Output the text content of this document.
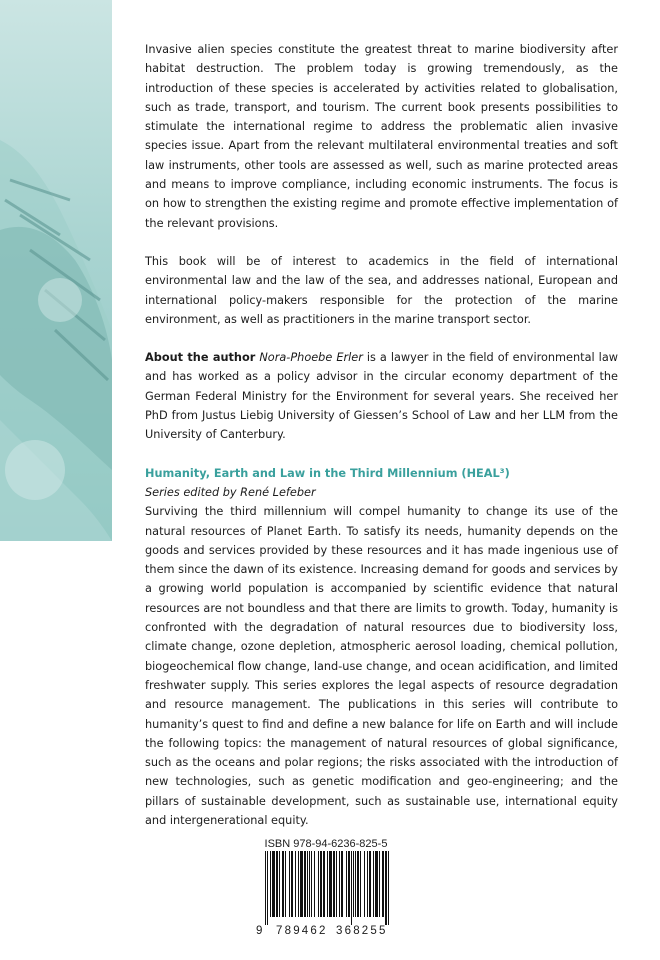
Invasive alien species constitute the greatest threat to marine biodiversity after habitat destruction. The problem today is growing tremendously, as the introduction of these species is accelerated by activities related to globalisation, such as trade, transport, and tourism. The current book presents possibilities to stimulate the international regime to address the problematic alien invasive species issue. Apart from the relevant multilateral environmental treaties and soft law instruments, other tools are assessed as well, such as marine protected areas and means to improve compliance, including economic instruments. The focus is on how to strengthen the existing regime and promote effective implementation of the relevant provisions.

This book will be of interest to academics in the field of international environmental law and the law of the sea, and addresses national, European and international policy-makers responsible for the protection of the marine environment, as well as practitioners in the marine transport sector.

About the author Nora-Phoebe Erler is a lawyer in the field of environmental law and has worked as a policy advisor in the circular economy department of the German Federal Ministry for the Environment for several years. She received her PhD from Justus Liebig University of Giessen’s School of Law and her LLM from the University of Canterbury.

Humanity, Earth and Law in the Third Millennium (HEAL³)

Series edited by René Lefeber

Surviving the third millennium will compel humanity to change its use of the natural resources of Planet Earth. To satisfy its needs, humanity depends on the goods and services provided by these resources and it has made ingenious use of them since the dawn of its existence. Increasing demand for goods and services by a growing world population is accompanied by scientific evidence that natural resources are not boundless and that there are limits to growth. Today, humanity is confronted with the degradation of natural resources due to biodiversity loss, climate change, ozone depletion, atmospheric aerosol loading, chemical pollution, biogeochemical flow change, land-use change, and ocean acidification, and limited freshwater supply. This series explores the legal aspects of resource degradation and resource management. The publications in this series will contribute to humanity’s quest to find and define a new balance for life on Earth and will include the following topics: the management of natural resources of global significance, such as the oceans and polar regions; the risks associated with the introduction of new technologies, such as genetic modification and geo-engineering; and the pillars of sustainable development, such as sustainable use, international equity and intergenerational equity.

ISBN 978-94-6236-825-5
9 789462 368255
